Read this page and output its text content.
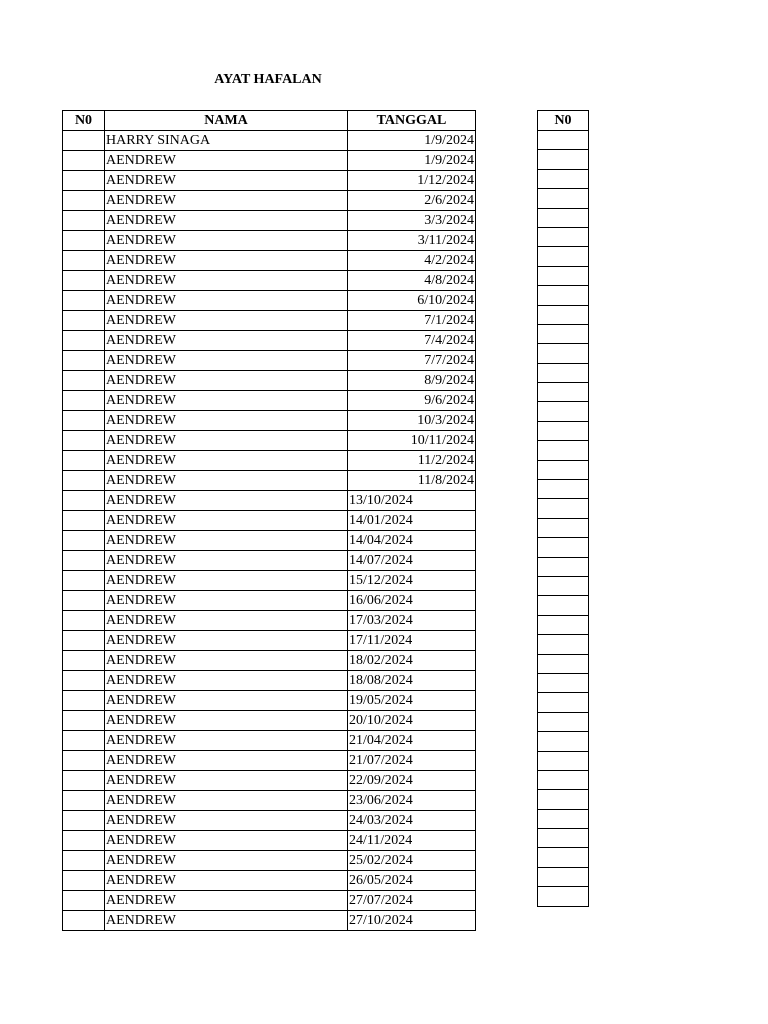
AYAT HAFALAN
N0	NAMA	TANGGAL
	HARRY SINAGA	1/9/2024
	AENDREW	1/9/2024
	AENDREW	1/12/2024
	AENDREW	2/6/2024
	AENDREW	3/3/2024
	AENDREW	3/11/2024
	AENDREW	4/2/2024
	AENDREW	4/8/2024
	AENDREW	6/10/2024
	AENDREW	7/1/2024
	AENDREW	7/4/2024
	AENDREW	7/7/2024
	AENDREW	8/9/2024
	AENDREW	9/6/2024
	AENDREW	10/3/2024
	AENDREW	10/11/2024
	AENDREW	11/2/2024
	AENDREW	11/8/2024
	AENDREW	13/10/2024
	AENDREW	14/01/2024
	AENDREW	14/04/2024
	AENDREW	14/07/2024
	AENDREW	15/12/2024
	AENDREW	16/06/2024
	AENDREW	17/03/2024
	AENDREW	17/11/2024
	AENDREW	18/02/2024
	AENDREW	18/08/2024
	AENDREW	19/05/2024
	AENDREW	20/10/2024
	AENDREW	21/04/2024
	AENDREW	21/07/2024
	AENDREW	22/09/2024
	AENDREW	23/06/2024
	AENDREW	24/03/2024
	AENDREW	24/11/2024
	AENDREW	25/02/2024
	AENDREW	26/05/2024
	AENDREW	27/07/2024
	AENDREW	27/10/2024
N0
